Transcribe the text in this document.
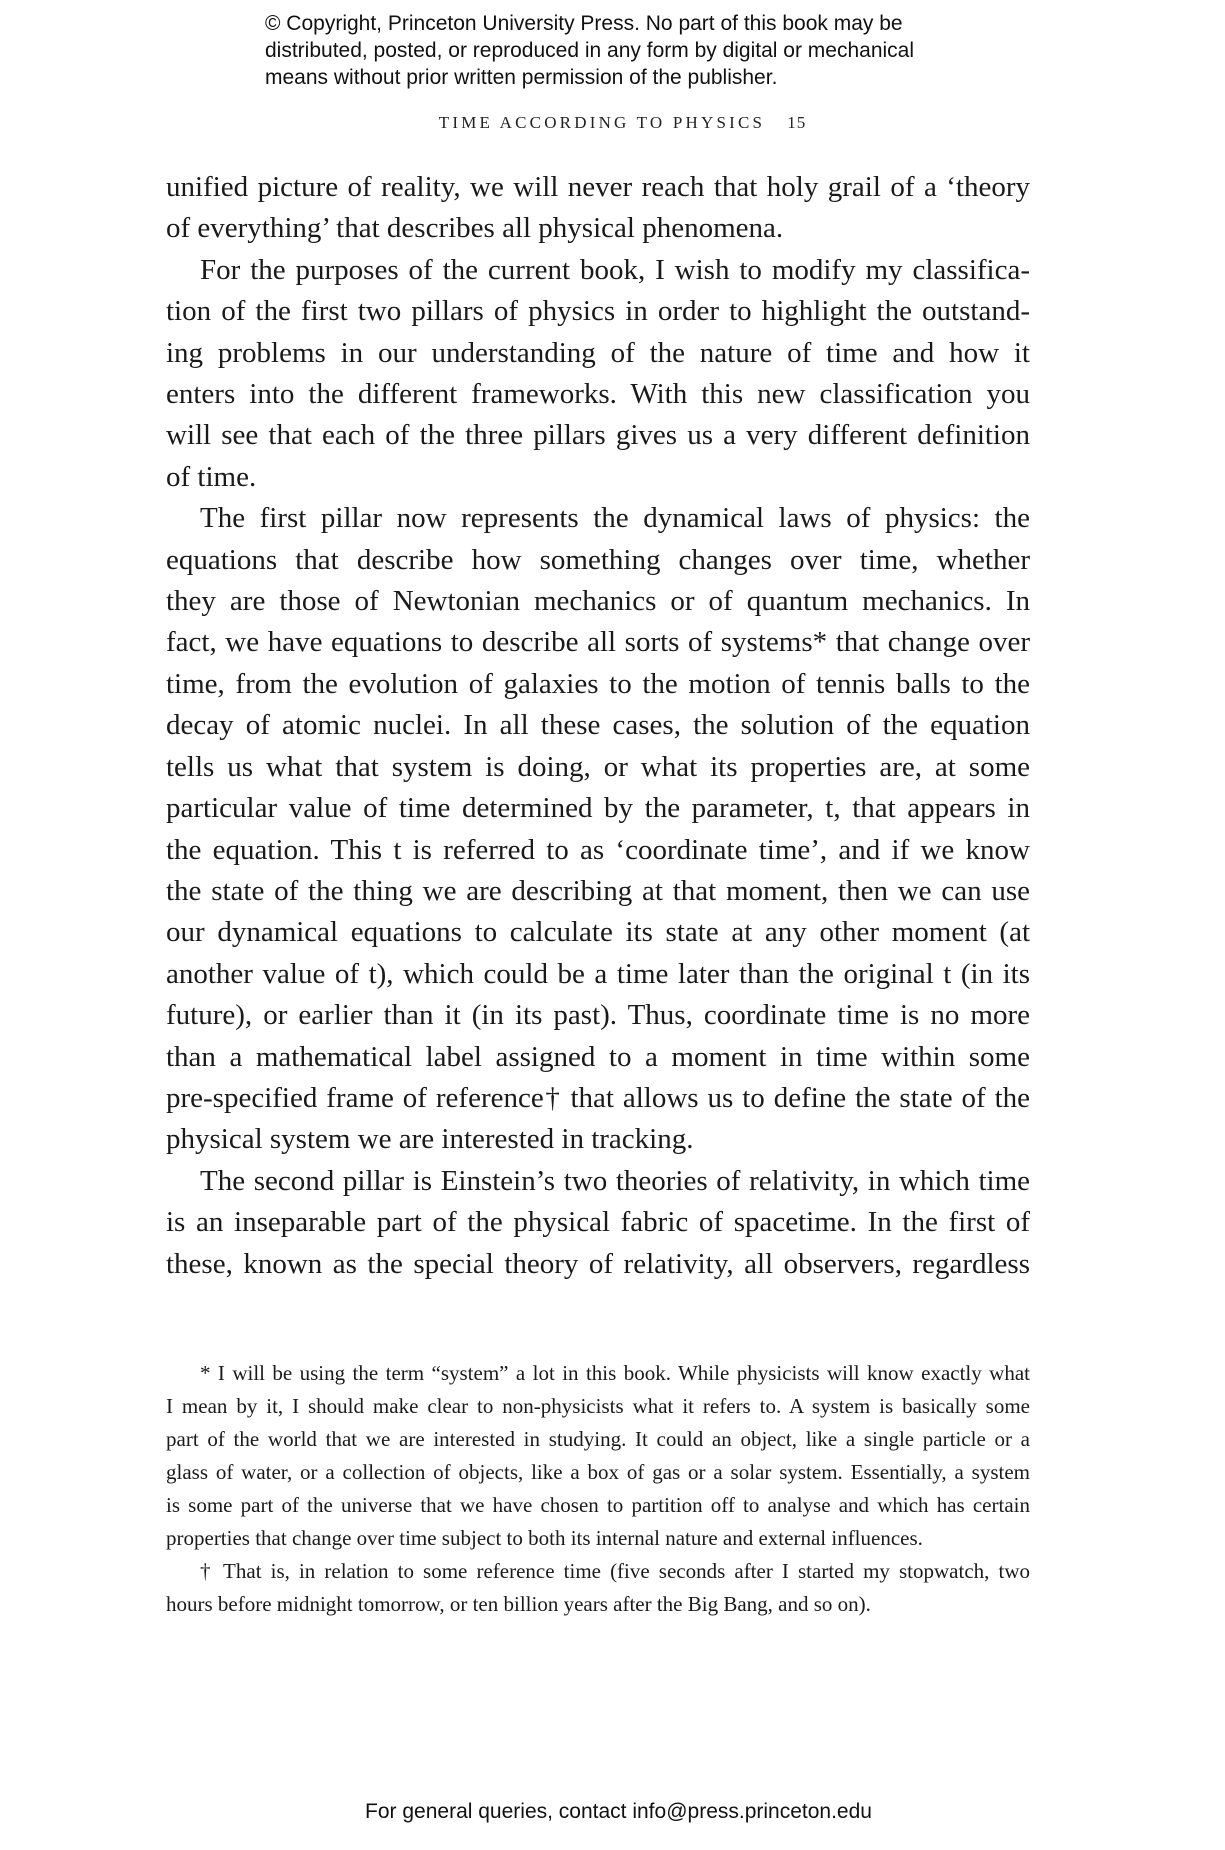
© Copyright, Princeton University Press. No part of this book may be
distributed, posted, or reproduced in any form by digital or mechanical
means without prior written permission of the publisher.
TIME ACCORDING TO PHYSICS 15
unified picture of reality, we will never reach that holy grail of a ‘theory
of everything’ that describes all physical phenomena.
For the purposes of the current book, I wish to modify my classifica-
tion of the first two pillars of physics in order to highlight the outstand-
ing problems in our understanding of the nature of time and how it
enters into the different frameworks. With this new classification you
will see that each of the three pillars gives us a very different definition
of time.
The first pillar now represents the dynamical laws of physics: the
equations that describe how something changes over time, whether
they are those of Newtonian mechanics or of quantum mechanics. In
fact, we have equations to describe all sorts of systems* that change over
time, from the evolution of galaxies to the motion of tennis balls to the
decay of atomic nuclei. In all these cases, the solution of the equation
tells us what that system is doing, or what its properties are, at some
particular value of time determined by the parameter, t, that appears in
the equation. This t is referred to as ‘coordinate time’, and if we know
the state of the thing we are describing at that moment, then we can use
our dynamical equations to calculate its state at any other moment (at
another value of t), which could be a time later than the original t (in its
future), or earlier than it (in its past). Thus, coordinate time is no more
than a mathematical label assigned to a moment in time within some
pre-specified frame of reference† that allows us to define the state of the
physical system we are interested in tracking.
The second pillar is Einstein’s two theories of relativity, in which time
is an inseparable part of the physical fabric of spacetime. In the first of
these, known as the special theory of relativity, all observers, regardless
* I will be using the term “system” a lot in this book. While physicists will know exactly what
I mean by it, I should make clear to non-physicists what it refers to. A system is basically some
part of the world that we are interested in studying. It could an object, like a single particle or a
glass of water, or a collection of objects, like a box of gas or a solar system. Essentially, a system
is some part of the universe that we have chosen to partition off to analyse and which has certain
properties that change over time subject to both its internal nature and external influences.
† That is, in relation to some reference time (five seconds after I started my stopwatch, two
hours before midnight tomorrow, or ten billion years after the Big Bang, and so on).
For general queries, contact info@press.princeton.edu
